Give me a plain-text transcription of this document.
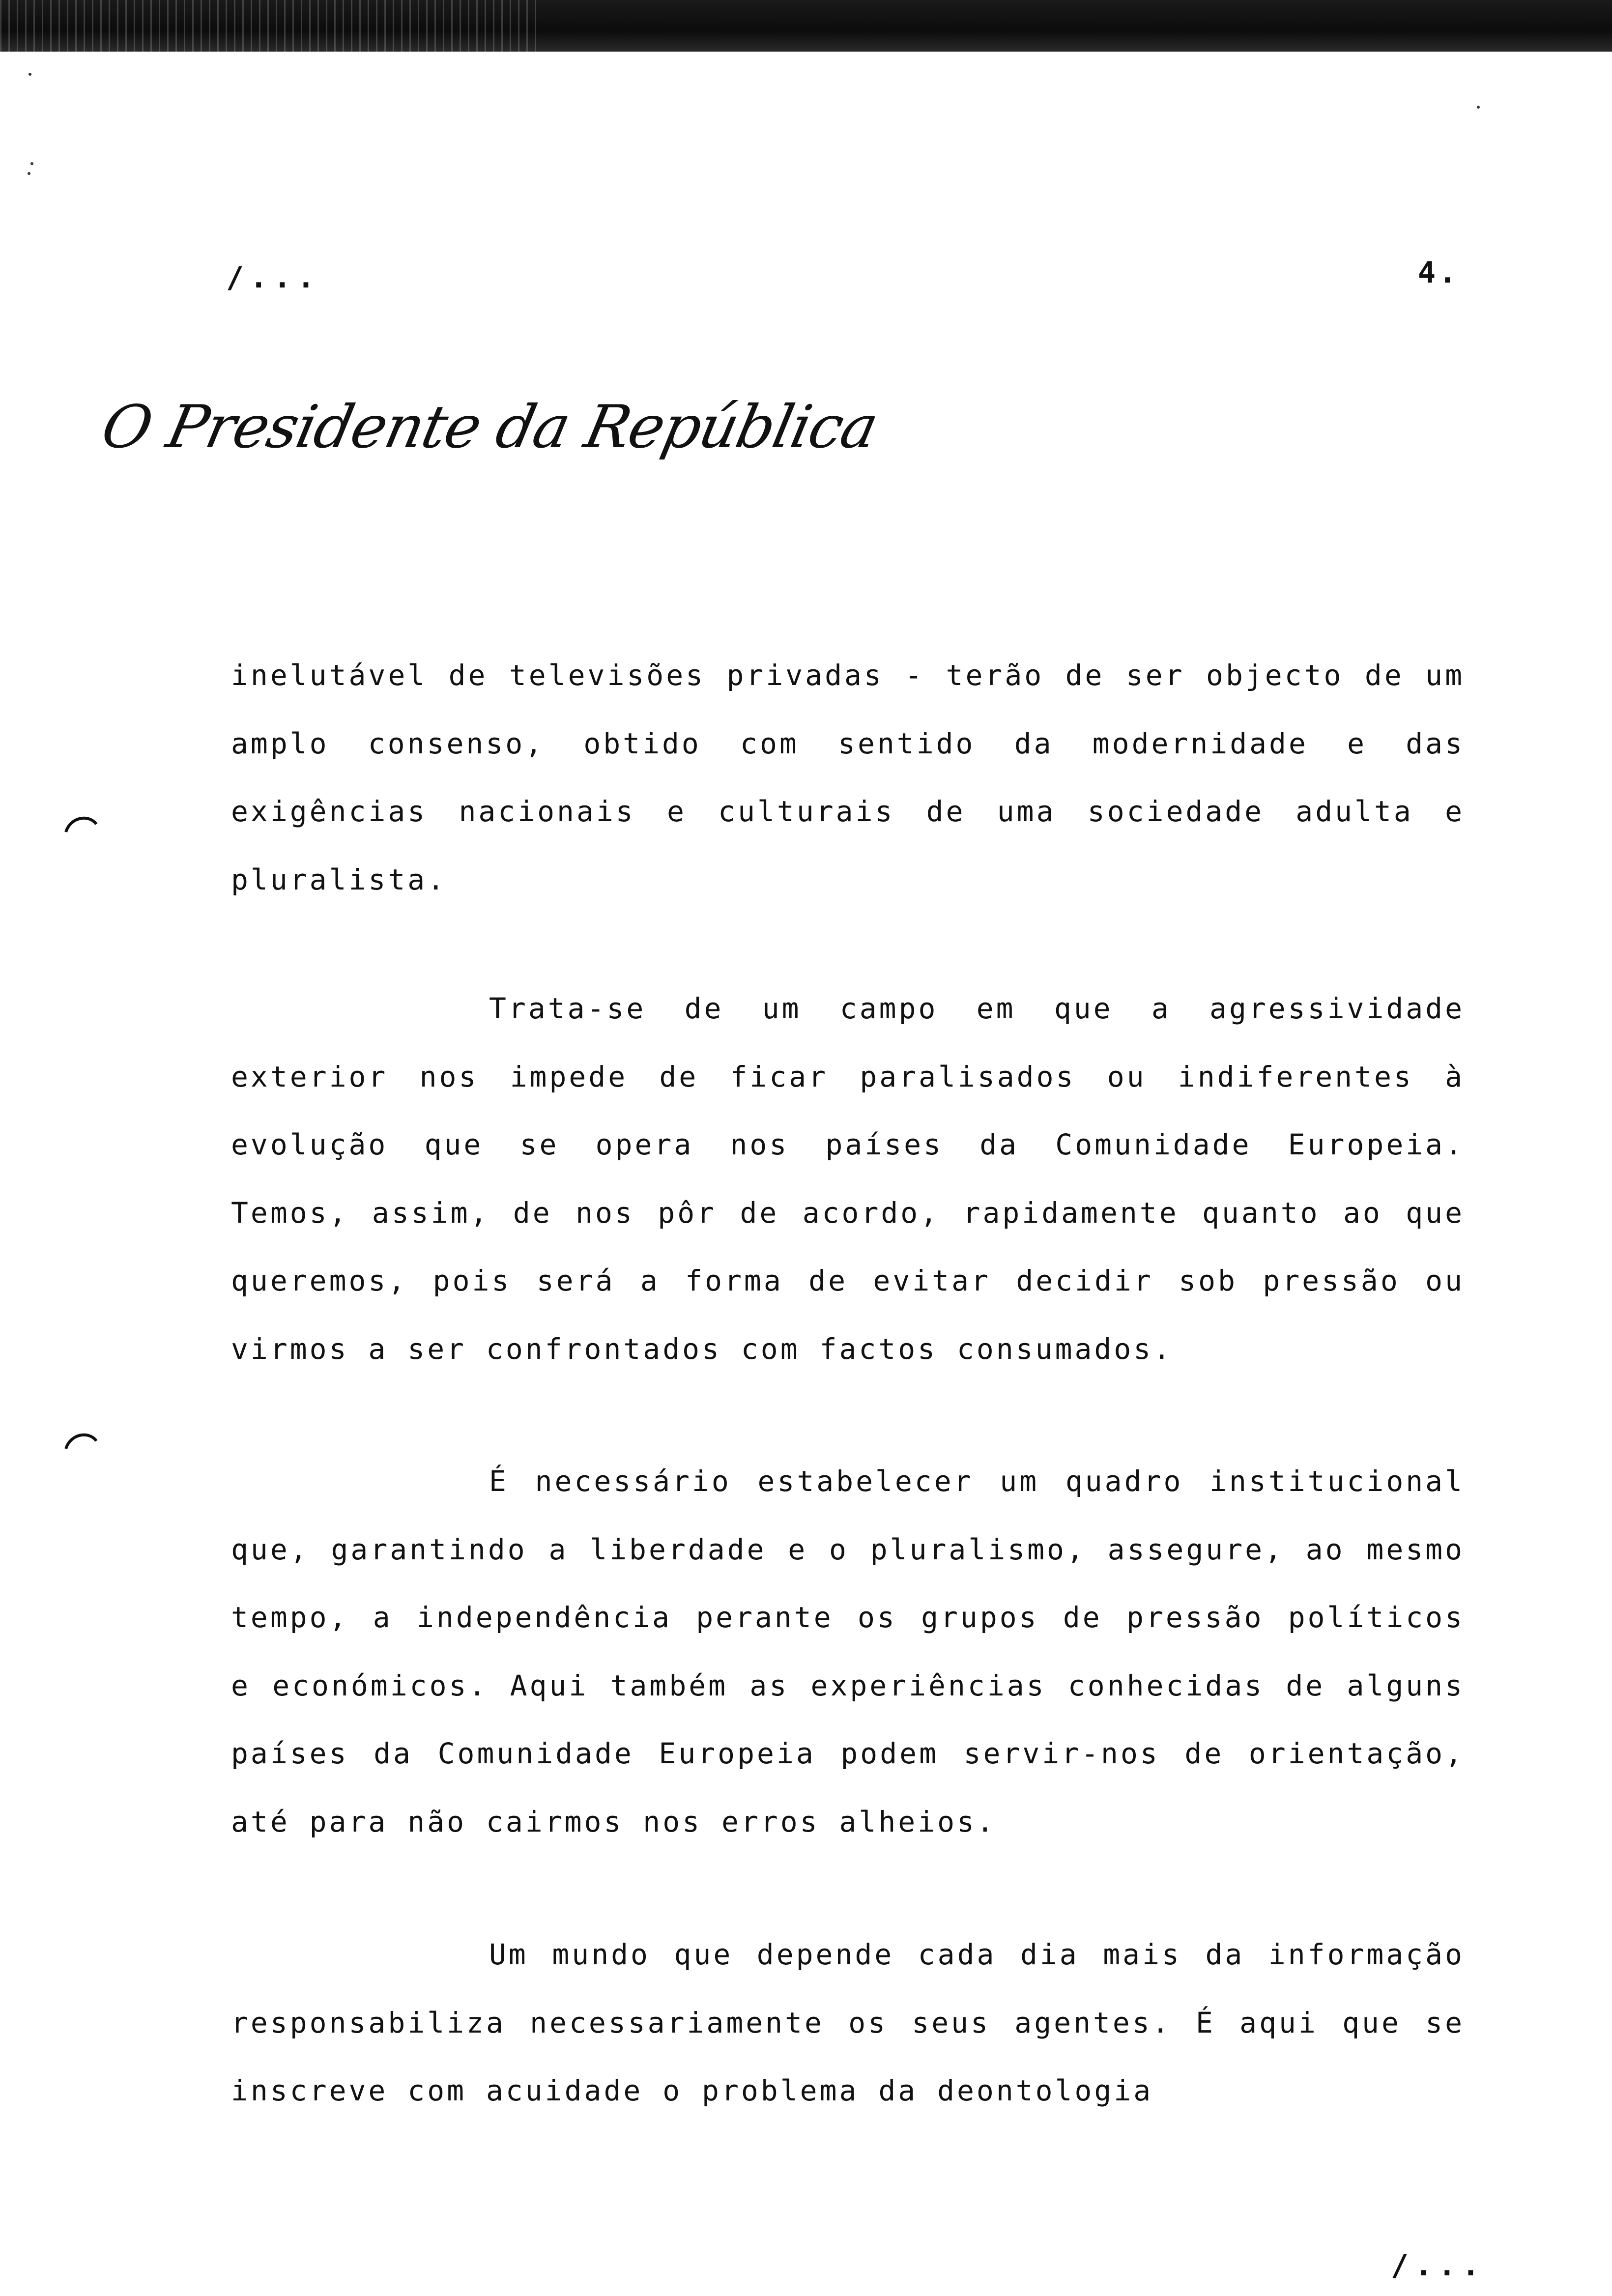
/...	4.
O Presidente da República

inelutável de televisões privadas - terão de ser objecto de um amplo consenso, obtido com sentido da modernidade e das exigências nacionais e culturais de uma sociedade adulta e pluralista.

Trata-se de um campo em que a agressividade exterior nos impede de ficar paralisados ou indiferentes à evolução que se opera nos países da Comunidade Europeia. Temos, assim, de nos pôr de acordo, rapidamente quanto ao que queremos, pois será a forma de evitar decidir sob pressão ou virmos a ser confrontados com factos consumados.

É necessário estabelecer um quadro institucional que, garantindo a liberdade e o pluralismo, assegure, ao mesmo tempo, a independência perante os grupos de pressão políticos e económicos. Aqui também as experiências conhecidas de alguns países da Comunidade Europeia podem servir-nos de orientação, até para não cairmos nos erros alheios.

Um mundo que depende cada dia mais da informação responsabiliza necessariamente os seus agentes. É aqui que se inscreve com acuidade o problema da deontologia

/...
